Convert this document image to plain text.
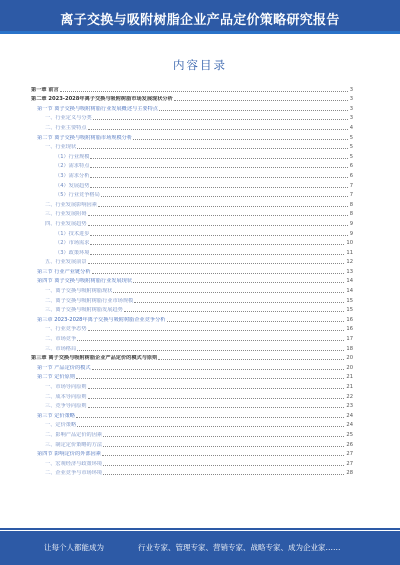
离子交换与吸附树脂企业产品定价策略研究报告
内容目录
第一章 前言	3
第二章 2023-2028年离子交换与吸附树脂市场发展现状分析	3
第一节 离子交换与吸附树脂行业发展概述与主要特点	3
一、行业定义与分类	3
二、行业主要特点	4
第二节 离子交换与吸附树脂市场规模分析	5
一、行业现状	5
（1）行业规模	5
（2）需求特点	6
（3）需求分析	6
（4）发展趋势	7
（5）行业竞争格局	7
二、行业发展影响因素	8
三、行业发展阻碍	8
四、行业发展趋势	9
（1）技术进步	9
（2）市场需求	10
（3）政策环境	11
五、行业发展前景	12
第三节 行业产业链分析	13
第四节 离子交换与吸附树脂行业发展现状	14
一、离子交换与吸附树脂现状	14
二、离子交换与吸附树脂行业市场规模	15
三、离子交换与吸附树脂发展趋势	15
第三章 2023-2028年离子交换与吸附树脂企业竞争分析	16
一、行业竞争态势	16
二、市场竞争	17
三、市场格局	18
第三章 离子交换与吸附树脂企业产品定价的模式与原则	20
第一节 产品定价的模式	20
第二节 定价原则	21
一、市场导向原则	21
二、成本导向原则	22
三、竞争导向原则	23
第三节 定价策略	24
一、定价策略	24
二、影响产品定价的因素	25
三、制定定价策略的方法	26
第四节 影响定价的外部因素	27
一、宏观经济与政策环境	27
二、企业竞争与市场环境	28
让每个人都能成为	行业专家、管理专家、营销专家、战略专家、成为企业家……
